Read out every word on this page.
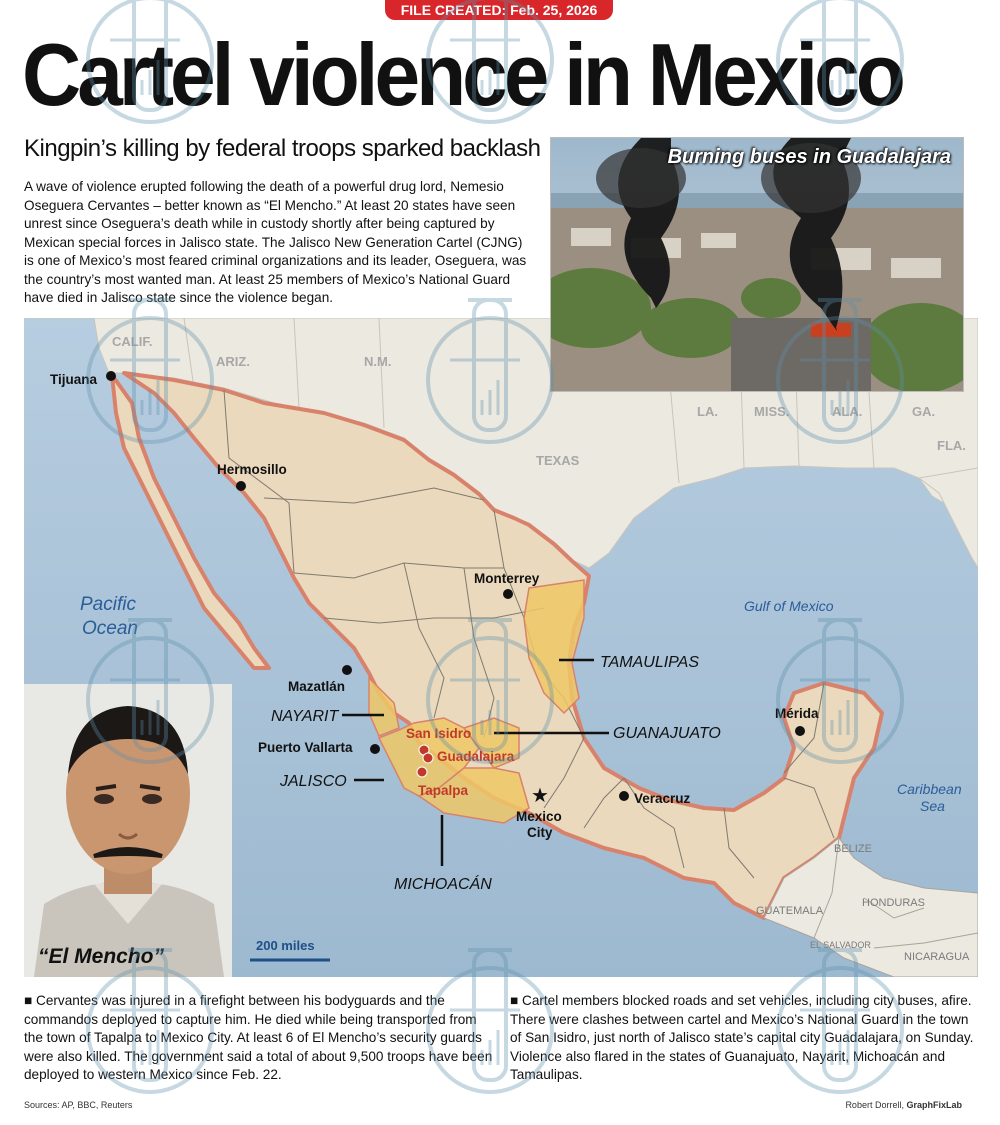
FILE CREATED: Feb. 25, 2026
Cartel violence in Mexico
Kingpin’s killing by federal troops sparked backlash
A wave of violence erupted following the death of a powerful drug lord, Nemesio Oseguera Cervantes – better known as “El Mencho.” At least 20 states have seen unrest since Oseguera’s death while in custody shortly after being captured by Mexican special forces in Jalisco state. The Jalisco New Generation Cartel (CJNG) is one of Mexico’s most feared criminal organizations and its leader, Oseguera, was the country’s most wanted man. At least 25 members of Mexico’s National Guard have died in Jalisco state since the violence began.
★
CALIF.
ARIZ.	N.M.
TEXAS
LA.	MISS.	ALA.	GA.
FLA.
Pacific
Ocean
Gulf of Mexico
Caribbean
Sea
BELIZE
GUATEMALA
HONDURAS
EL SALVADOR
NICARAGUA
Tijuana
Hermosillo
Monterrey
Mazatlán
Puerto Vallarta
Mérida
Veracruz
Mexico
City
San Isidro
Guadalajara
Tapalpa
TAMAULIPAS
NAYARIT
GUANAJUATO
JALISCO
MICHOACÁN
200 miles
Burning buses in Guadalajara
“El Mencho”
■ Cervantes was injured in a firefight between his bodyguards and the commandos deployed to capture him. He died while being transported from the town of Tapalpa to Mexico City. At least 6 of El Mencho’s security guards were also killed. The government said a total of about 9,500 troops have been deployed to western Mexico since Feb. 22.
■ Cartel members blocked roads and set vehicles, including city buses, afire. There were clashes between cartel and Mexico’s National Guard in the town of San Isidro, just north of Jalisco state’s capital city Guadalajara, on Sunday. Violence also flared in the states of Guanajuato, Nayarit, Michoacán and Tamaulipas.
Sources: AP, BBC, Reuters	Robert Dorrell, GraphFixLab
